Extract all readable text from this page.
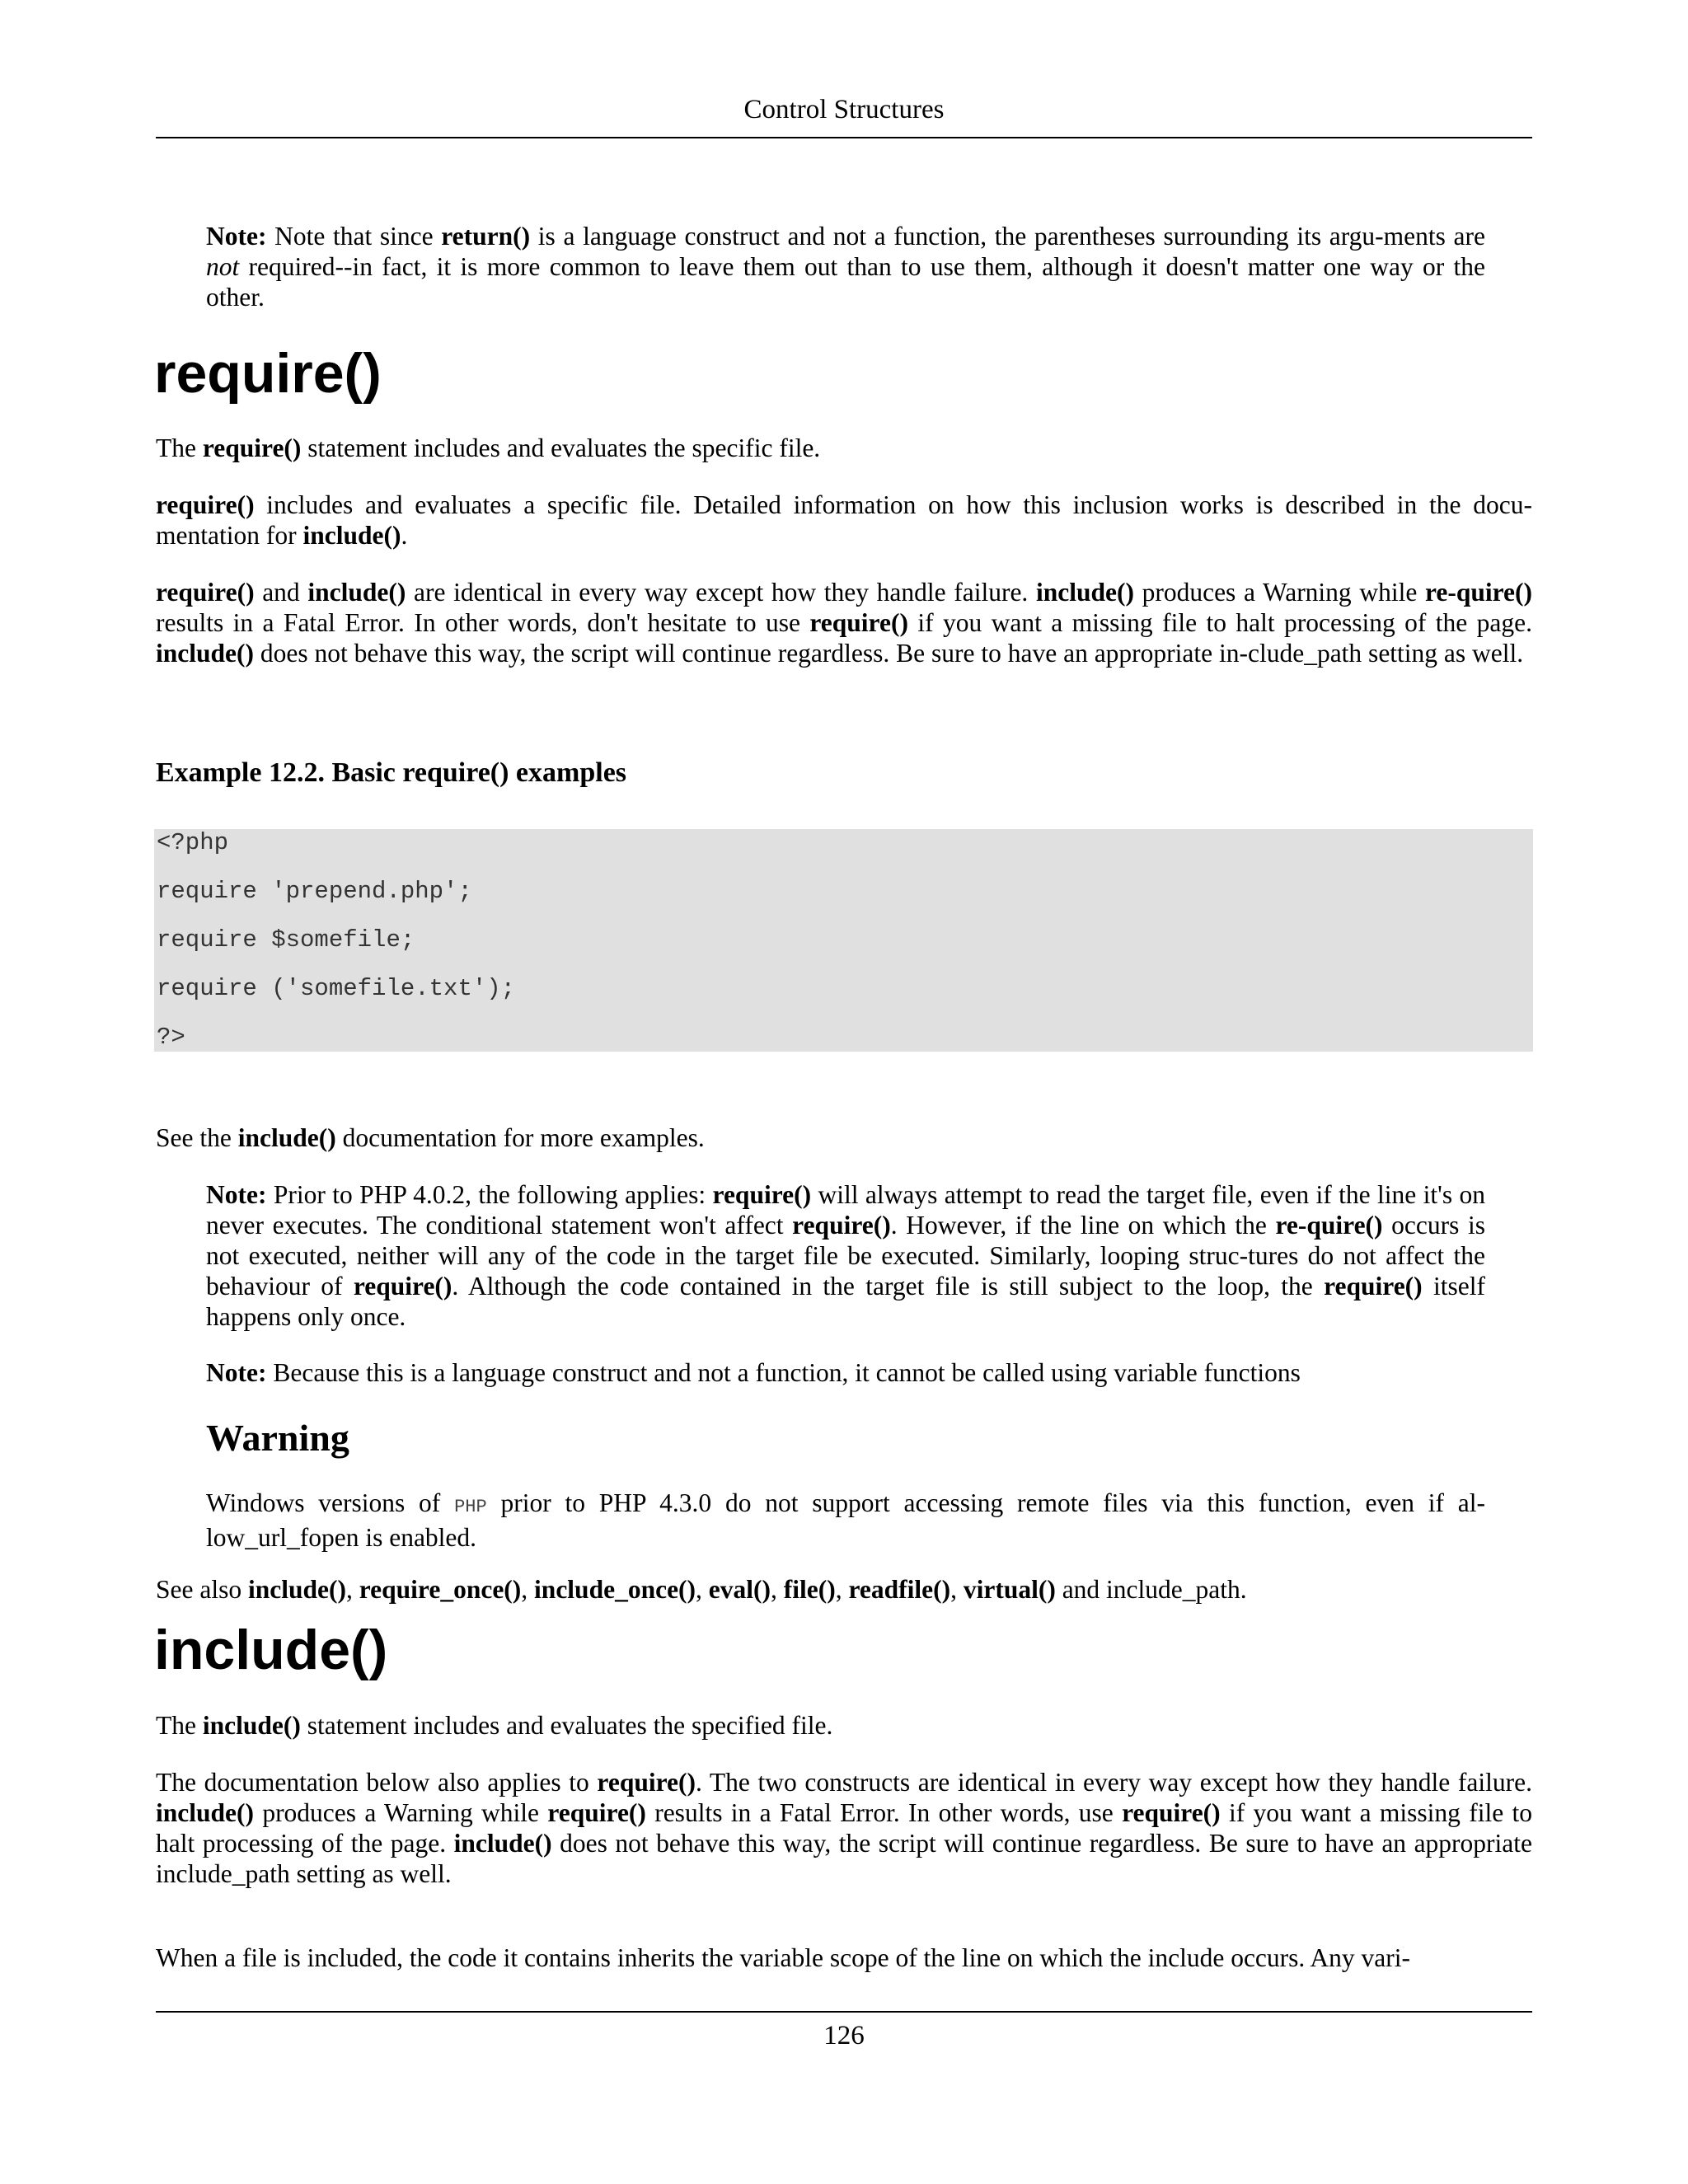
Control Structures

Note: Note that since return() is a language construct and not a function, the parentheses surrounding its argu-ments are not required--in fact, it is more common to leave them out than to use them, although it doesn't matter one way or the other.

require()

The require() statement includes and evaluates the specific file.

require() includes and evaluates a specific file. Detailed information on how this inclusion works is described in the docu-mentation for include().

require() and include() are identical in every way except how they handle failure. include() produces a Warning while re-quire() results in a Fatal Error. In other words, don't hesitate to use require() if you want a missing file to halt processing of the page. include() does not behave this way, the script will continue regardless. Be sure to have an appropriate in-clude_path setting as well.

Example 12.2. Basic require() examples
<?php
require 'prepend.php';
require $somefile;
require ('somefile.txt');
?>

See the include() documentation for more examples.

Note: Prior to PHP 4.0.2, the following applies: require() will always attempt to read the target file, even if the line it's on never executes. The conditional statement won't affect require(). However, if the line on which the re-quire() occurs is not executed, neither will any of the code in the target file be executed. Similarly, looping struc-tures do not affect the behaviour of require(). Although the code contained in the target file is still subject to the loop, the require() itself happens only once.

Note: Because this is a language construct and not a function, it cannot be called using variable functions

Warning

Windows versions of PHP prior to PHP 4.3.0 do not support accessing remote files via this function, even if al-low_url_fopen is enabled.

See also include(), require_once(), include_once(), eval(), file(), readfile(), virtual() and include_path.

include()

The include() statement includes and evaluates the specified file.

The documentation below also applies to require(). The two constructs are identical in every way except how they handle failure. include() produces a Warning while require() results in a Fatal Error. In other words, use require() if you want a missing file to halt processing of the page. include() does not behave this way, the script will continue regardless. Be sure to have an appropriate include_path setting as well.

When a file is included, the code it contains inherits the variable scope of the line on which the include occurs. Any vari-

126
